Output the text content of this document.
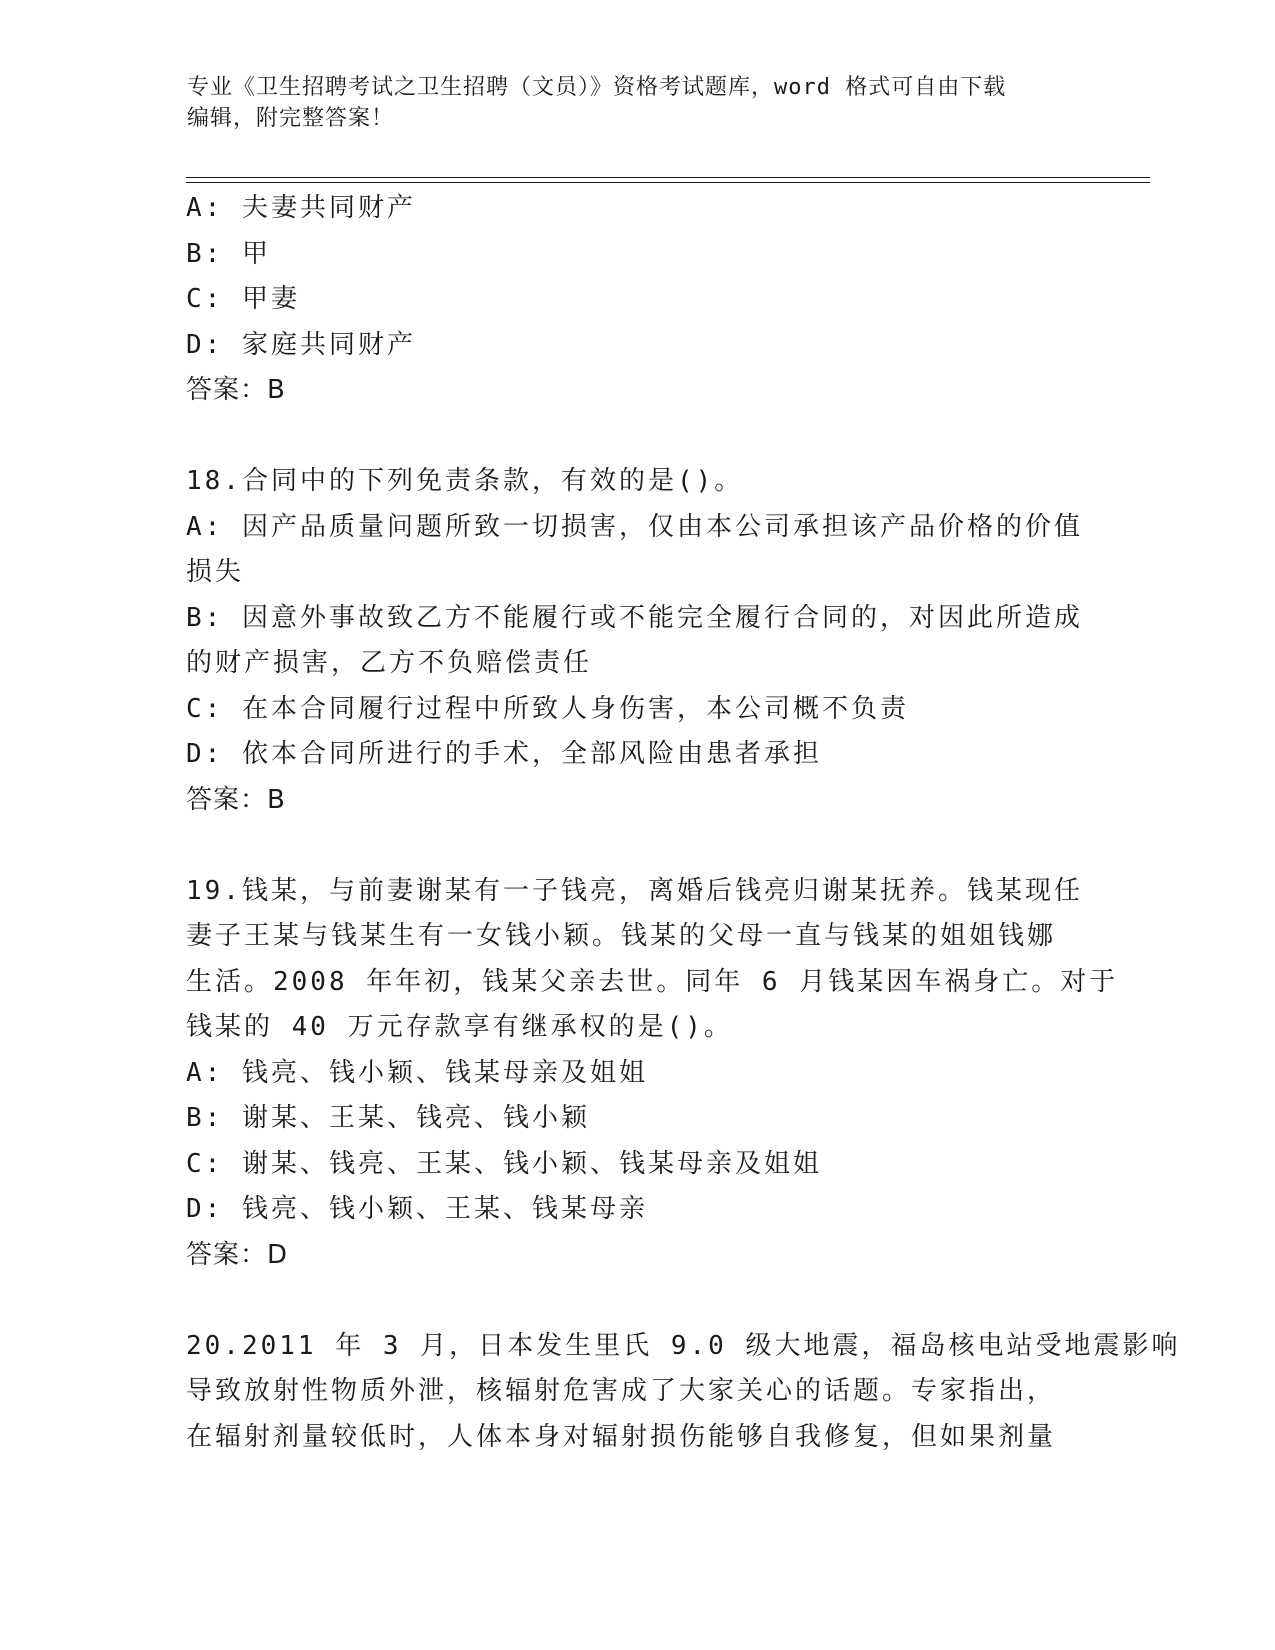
专业《卫生招聘考试之卫生招聘（文员）》资格考试题库，word 格式可自由下载
编辑，附完整答案！
A: 夫妻共同财产
B: 甲
C: 甲妻
D: 家庭共同财产
答案：B
18.合同中的下列免责条款，有效的是()。
A: 因产品质量问题所致一切损害，仅由本公司承担该产品价格的价值
损失
B: 因意外事故致乙方不能履行或不能完全履行合同的，对因此所造成
的财产损害，乙方不负赔偿责任
C: 在本合同履行过程中所致人身伤害，本公司概不负责
D: 依本合同所进行的手术，全部风险由患者承担
答案：B
19.钱某，与前妻谢某有一子钱亮，离婚后钱亮归谢某抚养。钱某现任
妻子王某与钱某生有一女钱小颖。钱某的父母一直与钱某的姐姐钱娜
生活。2008 年年初，钱某父亲去世。同年 6 月钱某因车祸身亡。对于
钱某的 40 万元存款享有继承权的是()。
A: 钱亮、钱小颖、钱某母亲及姐姐
B: 谢某、王某、钱亮、钱小颖
C: 谢某、钱亮、王某、钱小颖、钱某母亲及姐姐
D: 钱亮、钱小颖、王某、钱某母亲
答案：D
20.2011 年 3 月，日本发生里氏 9.0 级大地震，福岛核电站受地震影响
导致放射性物质外泄，核辐射危害成了大家关心的话题。专家指出，
在辐射剂量较低时，人体本身对辐射损伤能够自我修复，但如果剂量
